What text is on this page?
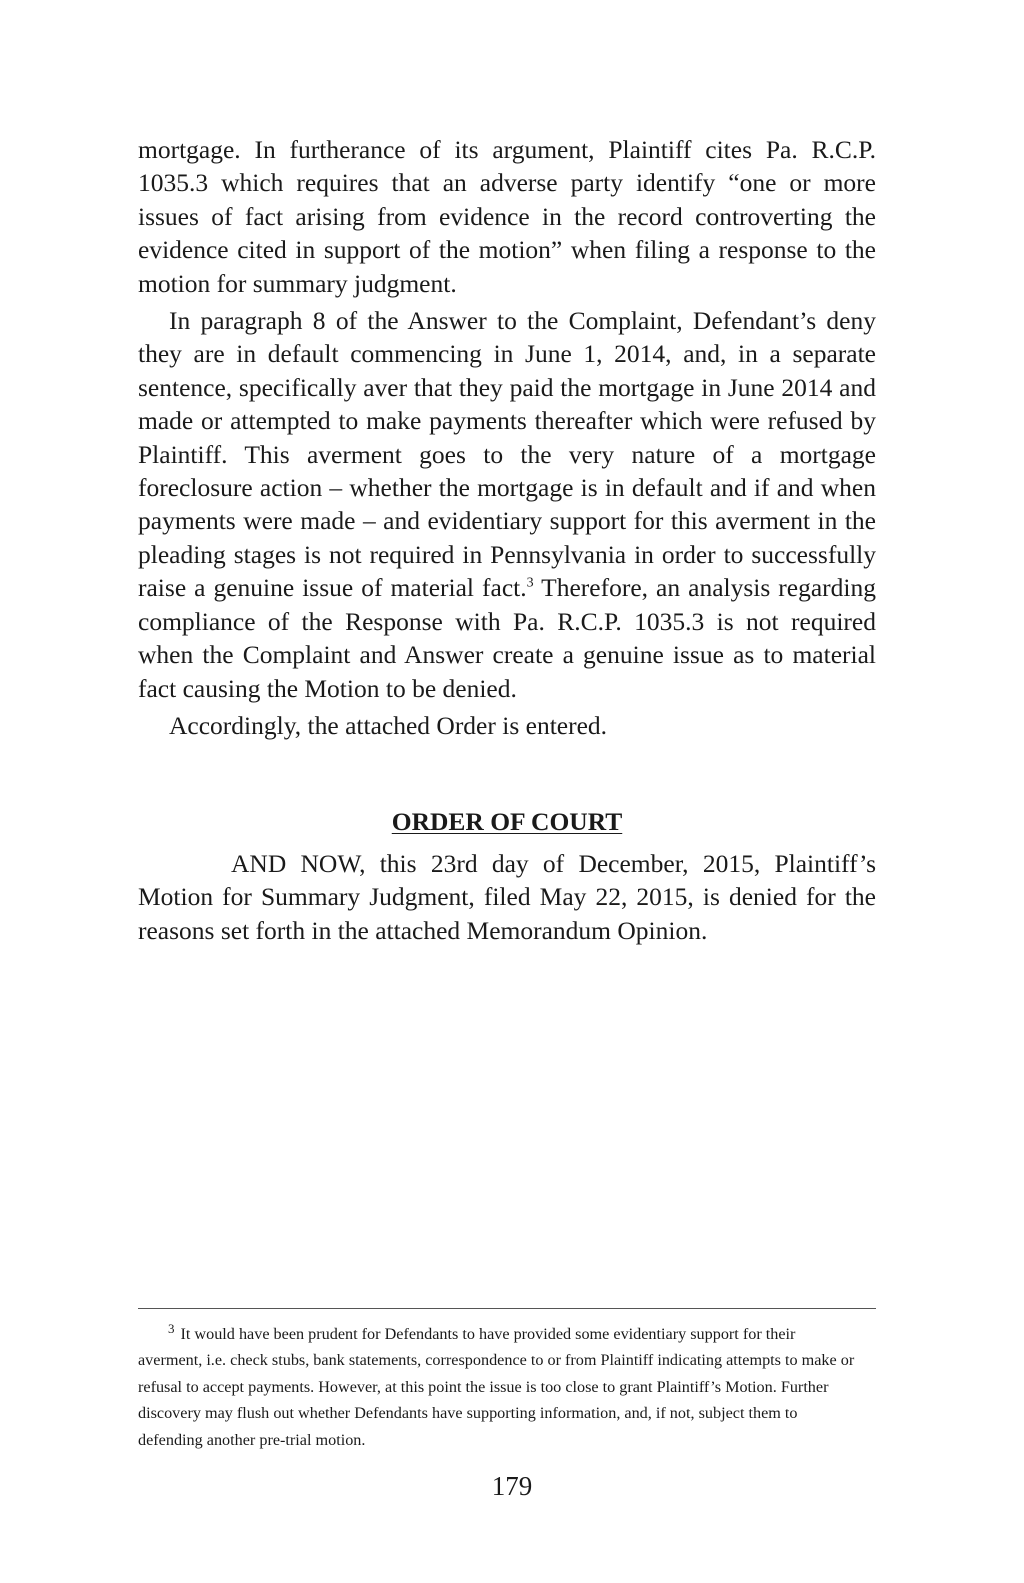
mortgage. In furtherance of its argument, Plaintiff cites Pa. R.C.P. 1035.3 which requires that an adverse party identify “one or more issues of fact arising from evidence in the record controverting the evidence cited in support of the motion” when filing a response to the motion for summary judgment.

In paragraph 8 of the Answer to the Complaint, Defendant’s deny they are in default commencing in June 1, 2014, and, in a separate sentence, specifically aver that they paid the mortgage in June 2014 and made or attempted to make payments thereafter which were refused by Plaintiff. This averment goes to the very nature of a mortgage foreclosure action – whether the mortgage is in default and if and when payments were made – and evidentiary support for this averment in the pleading stages is not required in Pennsylvania in order to successfully raise a genuine issue of material fact.$^3$ Therefore, an analysis regarding compliance of the Response with Pa. R.C.P. 1035.3 is not required when the Complaint and Answer create a genuine issue as to material fact causing the Motion to be denied.

Accordingly, the attached Order is entered.

ORDER OF COURT

AND NOW, this 23rd day of December, 2015, Plaintiff’s Motion for Summary Judgment, filed May 22, 2015, is denied for the reasons set forth in the attached Memorandum Opinion.

$^3$ It would have been prudent for Defendants to have provided some evidentiary support for their averment, i.e. check stubs, bank statements, correspondence to or from Plaintiff indicating attempts to make or refusal to accept payments. However, at this point the issue is too close to grant Plaintiff’s Motion. Further discovery may flush out whether Defendants have supporting information, and, if not, subject them to defending another pre-trial motion.

179
